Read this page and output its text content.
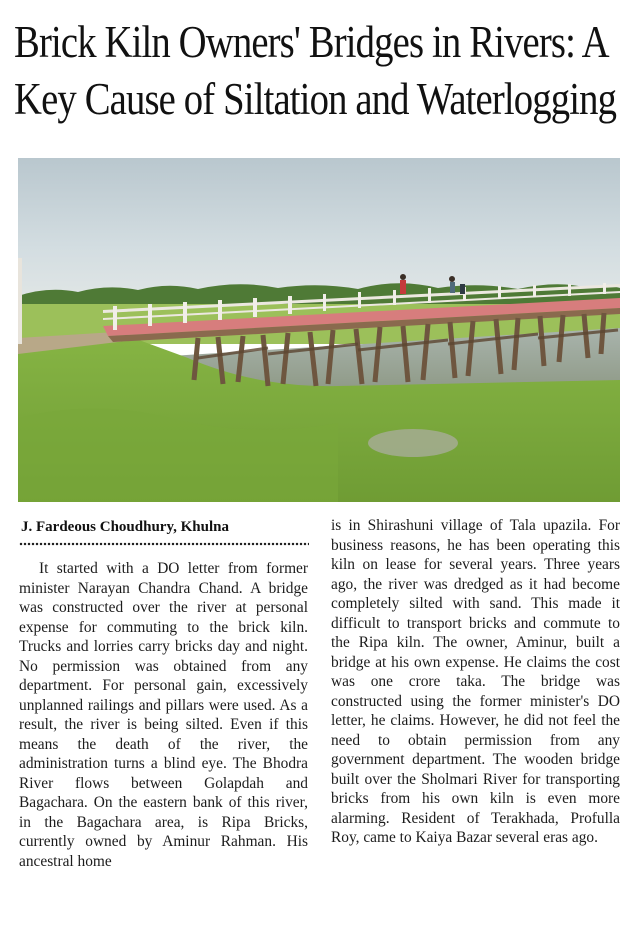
Brick Kiln Owners' Bridges in Rivers: A
Key Cause of Siltation and Waterlogging
J. Fardeous Choudhury, Khulna

It started with a DO letter from former minister Narayan Chandra Chand. A bridge was constructed over the river at personal expense for commuting to the brick kiln. Trucks and lorries carry bricks day and night. No permission was obtained from any department. For personal gain, excessively unplanned railings and pillars were used. As a result, the river is being silted. Even if this means the death of the river, the administration turns a blind eye. The Bhodra River flows between Golapdah and Bagachara. On the eastern bank of this river, in the Bagachara area, is Ripa Bricks, currently owned by Aminur Rahman. His ancestral home

is in Shirashuni village of Tala upazila. For business reasons, he has been operating this kiln on lease for several years. Three years ago, the river was dredged as it had become completely silted with sand. This made it difficult to transport bricks and commute to the Ripa kiln. The owner, Aminur, built a bridge at his own expense. He claims the cost was one crore taka. The bridge was constructed using the former minister's DO letter, he claims. However, he did not feel the need to obtain permission from any government department. The wooden bridge built over the Sholmari River for transporting bricks from his own kiln is even more alarming. Resident of Terakhada, Profulla Roy, came to Kaiya Bazar several eras ago.
